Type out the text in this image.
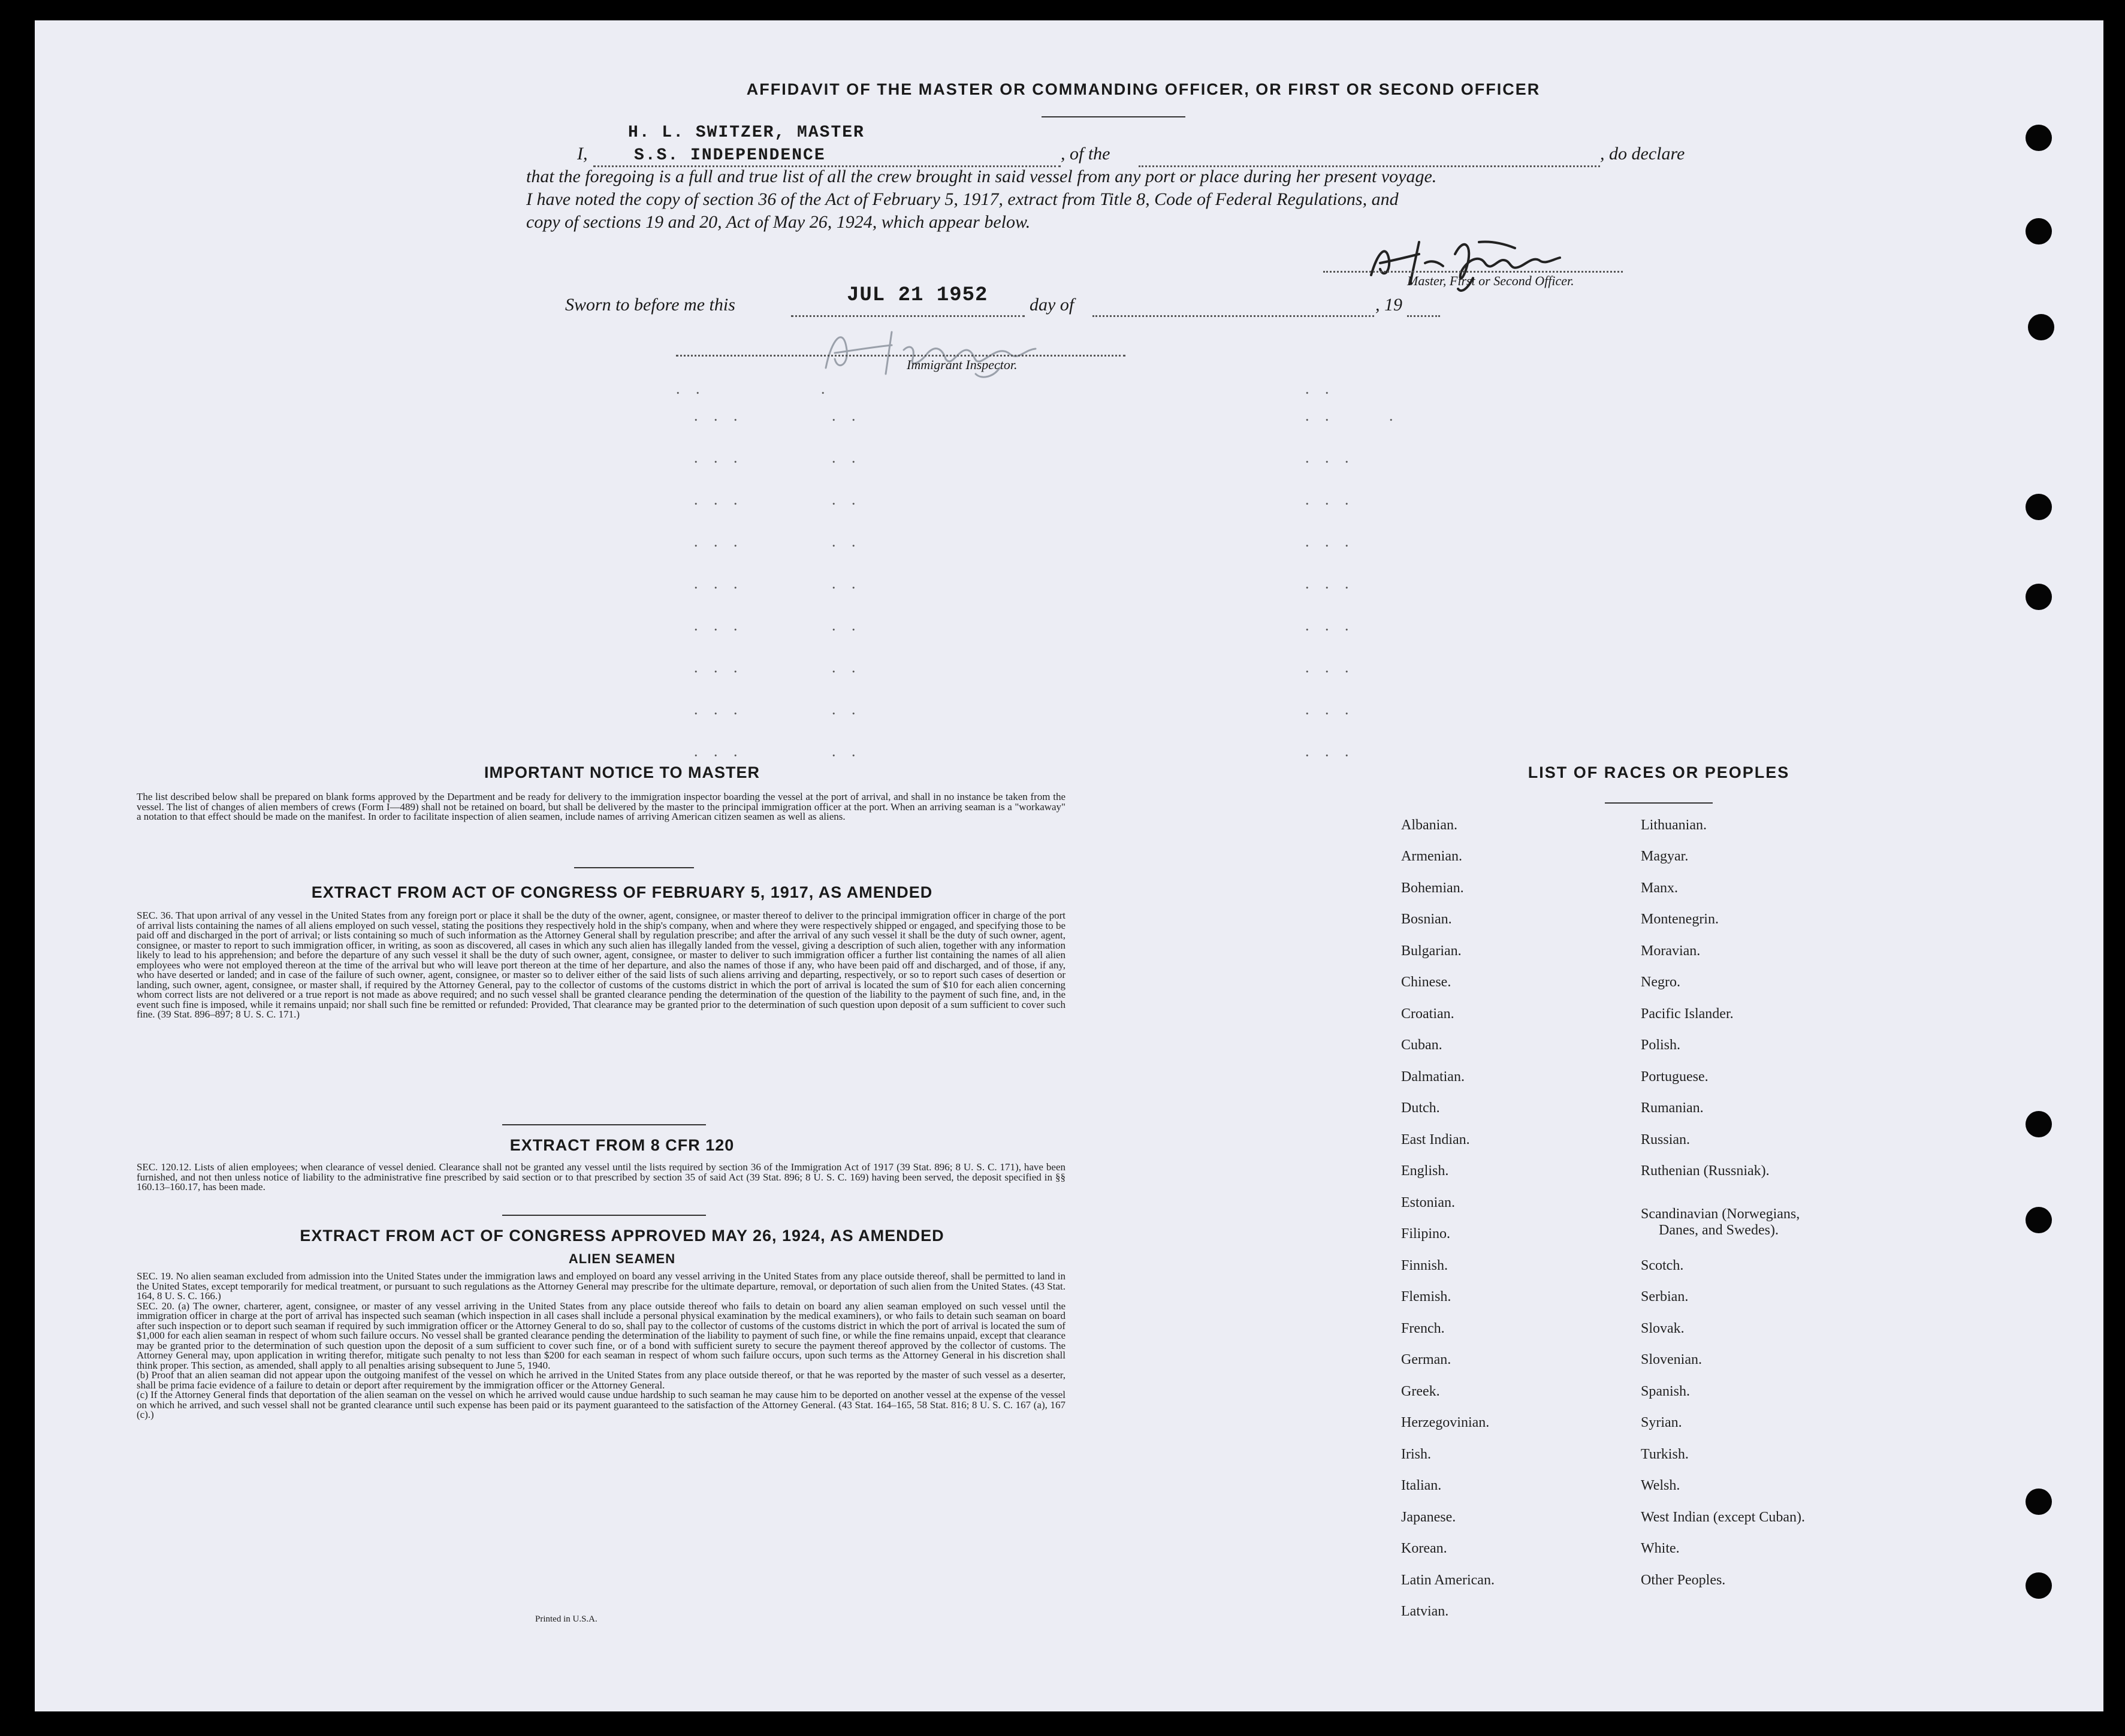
AFFIDAVIT OF THE MASTER OR COMMANDING OFFICER, OR FIRST OR SECOND OFFICER
H. L. SWITZER, MASTER
S.S. INDEPENDENCE
I,	, of the	, do declare
that the foregoing is a full and true list of all the crew brought in said vessel from any port or place during her present voyage.
I have noted the copy of section 36 of the Act of February 5, 1917, extract from Title 8, Code of Federal Regulations, and
copy of sections 19 and 20, Act of May 26, 1924, which appear below.
Master, First or Second Officer.
Sworn to before me this	JUL 21 1952 day of	, 19
Immigrant Inspector.
. .	.	. .
. . .	. .	. .	.
. . .	. .	. . .
. . .	. .	. . .
. . .	. .	. . .
. . .	. .	. . .
. . .	. .	. . .
. . .	. .	. . .
. . .	. .	. . .
. . .	. .	. . .
IMPORTANT NOTICE TO MASTER
The list described below shall be prepared on blank forms approved by the Department and be ready for delivery to the immigration inspector boarding the vessel at the port of arrival, and shall in no instance be taken from the vessel. The list of changes of alien members of crews (Form I—489) shall not be retained on board, but shall be delivered by the master to the principal immigration officer at the port. When an arriving seaman is a "workaway" a notation to that effect should be made on the manifest. In order to facilitate inspection of alien seamen, include names of arriving American citizen seamen as well as aliens.
EXTRACT FROM ACT OF CONGRESS OF FEBRUARY 5, 1917, AS AMENDED
SEC. 36. That upon arrival of any vessel in the United States from any foreign port or place it shall be the duty of the owner, agent, consignee, or master thereof to deliver to the principal immigration officer in charge of the port of arrival lists containing the names of all aliens employed on such vessel, stating the positions they respectively hold in the ship's company, when and where they were respectively shipped or engaged, and specifying those to be paid off and discharged in the port of arrival; or lists containing so much of such information as the Attorney General shall by regulation prescribe; and after the arrival of any such vessel it shall be the duty of such owner, agent, consignee, or master to report to such immigration officer, in writing, as soon as discovered, all cases in which any such alien has illegally landed from the vessel, giving a description of such alien, together with any information likely to lead to his apprehension; and before the departure of any such vessel it shall be the duty of such owner, agent, consignee, or master to deliver to such immigration officer a further list containing the names of all alien employees who were not employed thereon at the time of the arrival but who will leave port thereon at the time of her departure, and also the names of those if any, who have been paid off and discharged, and of those, if any, who have deserted or landed; and in case of the failure of such owner, agent, consignee, or master so to deliver either of the said lists of such aliens arriving and departing, respectively, or so to report such cases of desertion or landing, such owner, agent, consignee, or master shall, if required by the Attorney General, pay to the collector of customs of the customs district in which the port of arrival is located the sum of $10 for each alien concerning whom correct lists are not delivered or a true report is not made as above required; and no such vessel shall be granted clearance pending the determination of the question of the liability to the payment of such fine, and, in the event such fine is imposed, while it remains unpaid; nor shall such fine be remitted or refunded: Provided, That clearance may be granted prior to the determination of such question upon deposit of a sum sufficient to cover such fine. (39 Stat. 896–897; 8 U. S. C. 171.)
EXTRACT FROM 8 CFR 120
SEC. 120.12. Lists of alien employees; when clearance of vessel denied. Clearance shall not be granted any vessel until the lists required by section 36 of the Immigration Act of 1917 (39 Stat. 896; 8 U. S. C. 171), have been furnished, and not then unless notice of liability to the administrative fine prescribed by said section or to that prescribed by section 35 of said Act (39 Stat. 896; 8 U. S. C. 169) having been served, the deposit specified in §§ 160.13–160.17, has been made.
EXTRACT FROM ACT OF CONGRESS APPROVED MAY 26, 1924, AS AMENDED
ALIEN SEAMEN
SEC. 19. No alien seaman excluded from admission into the United States under the immigration laws and employed on board any vessel arriving in the United States from any place outside thereof, shall be permitted to land in the United States, except temporarily for medical treatment, or pursuant to such regulations as the Attorney General may prescribe for the ultimate departure, removal, or deportation of such alien from the United States. (43 Stat. 164, 8 U. S. C. 166.)
SEC. 20. (a) The owner, charterer, agent, consignee, or master of any vessel arriving in the United States from any place outside thereof who fails to detain on board any alien seaman employed on such vessel until the immigration officer in charge at the port of arrival has inspected such seaman (which inspection in all cases shall include a personal physical examination by the medical examiners), or who fails to detain such seaman on board after such inspection or to deport such seaman if required by such immigration officer or the Attorney General to do so, shall pay to the collector of customs of the customs district in which the port of arrival is located the sum of $1,000 for each alien seaman in respect of whom such failure occurs. No vessel shall be granted clearance pending the determination of the liability to payment of such fine, or while the fine remains unpaid, except that clearance may be granted prior to the determination of such question upon the deposit of a sum sufficient to cover such fine, or of a bond with sufficient surety to secure the payment thereof approved by the collector of customs. The Attorney General may, upon application in writing therefor, mitigate such penalty to not less than $200 for each seaman in respect of whom such failure occurs, upon such terms as the Attorney General in his discretion shall think proper. This section, as amended, shall apply to all penalties arising subsequent to June 5, 1940.
(b) Proof that an alien seaman did not appear upon the outgoing manifest of the vessel on which he arrived in the United States from any place outside thereof, or that he was reported by the master of such vessel as a deserter, shall be prima facie evidence of a failure to detain or deport after requirement by the immigration officer or the Attorney General.
(c) If the Attorney General finds that deportation of the alien seaman on the vessel on which he arrived would cause undue hardship to such seaman he may cause him to be deported on another vessel at the expense of the vessel on which he arrived, and such vessel shall not be granted clearance until such expense has been paid or its payment guaranteed to the satisfaction of the Attorney General. (43 Stat. 164–165, 58 Stat. 816; 8 U. S. C. 167 (a), 167 (c).)
Printed in U.S.A.
LIST OF RACES OR PEOPLES
Albanian.
Armenian.
Bohemian.
Bosnian.
Bulgarian.
Chinese.
Croatian.
Cuban.
Dalmatian.
Dutch.
East Indian.
English.
Estonian.
Filipino.
Finnish.
Flemish.
French.
German.
Greek.
Herzegovinian.
Irish.
Italian.
Japanese.
Korean.
Latin American.
Latvian.
Lithuanian.
Magyar.
Manx.
Montenegrin.
Moravian.
Negro.
Pacific Islander.
Polish.
Portuguese.
Rumanian.
Russian.
Ruthenian (Russniak).
Scandinavian (Norwegians,
Danes, and Swedes).
Scotch.
Serbian.
Slovak.
Slovenian.
Spanish.
Syrian.
Turkish.
Welsh.
West Indian (except Cuban).
White.
Other Peoples.
